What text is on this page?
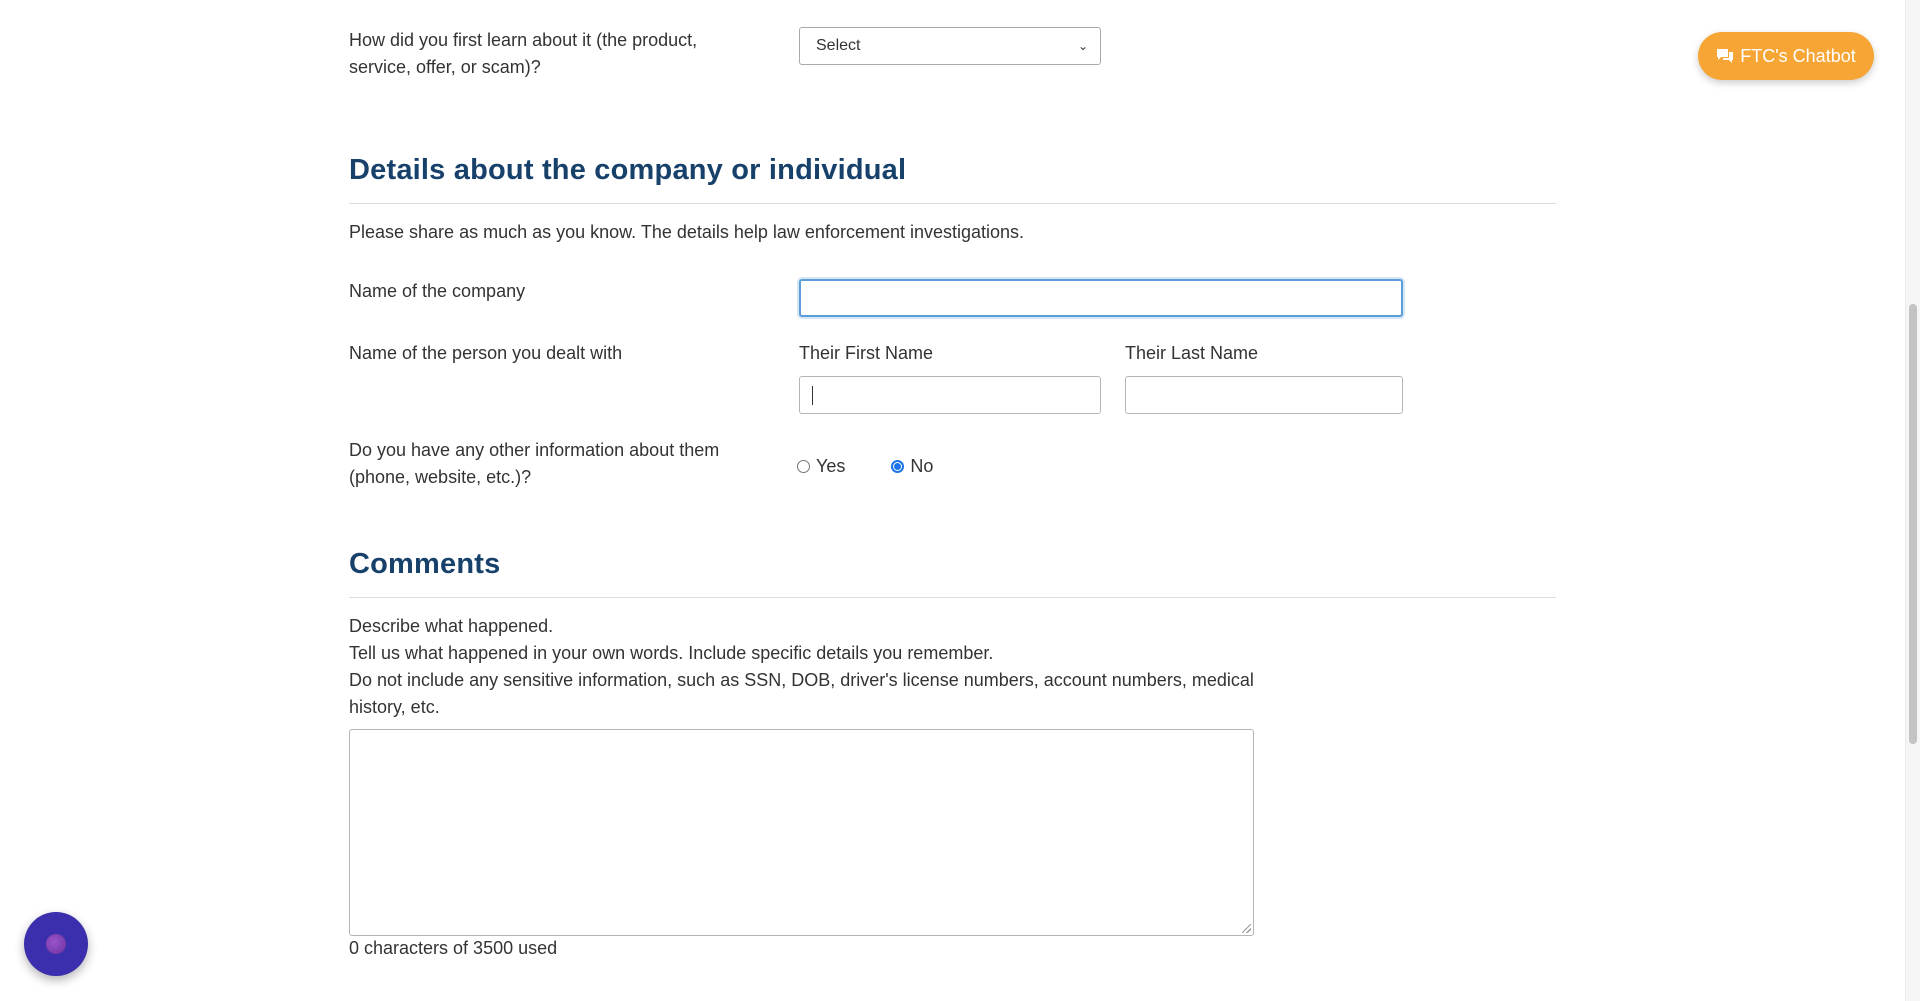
How did you first learn about it (the product,
service, offer, or scam)?
Select	⌄
Details about the company or individual
Please share as much as you know. The details help law enforcement investigations.
Name of the company
Name of the person you dealt with	Their First Name	Their Last Name
Do you have any other information about them
(phone, website, etc.)?
Yes	No
Comments
Describe what happened.
Tell us what happened in your own words. Include specific details you remember.
Do not include any sensitive information, such as SSN, DOB, driver's license numbers, account numbers, medical
history, etc.
0 characters of 3500 used
FTC's Chatbot
